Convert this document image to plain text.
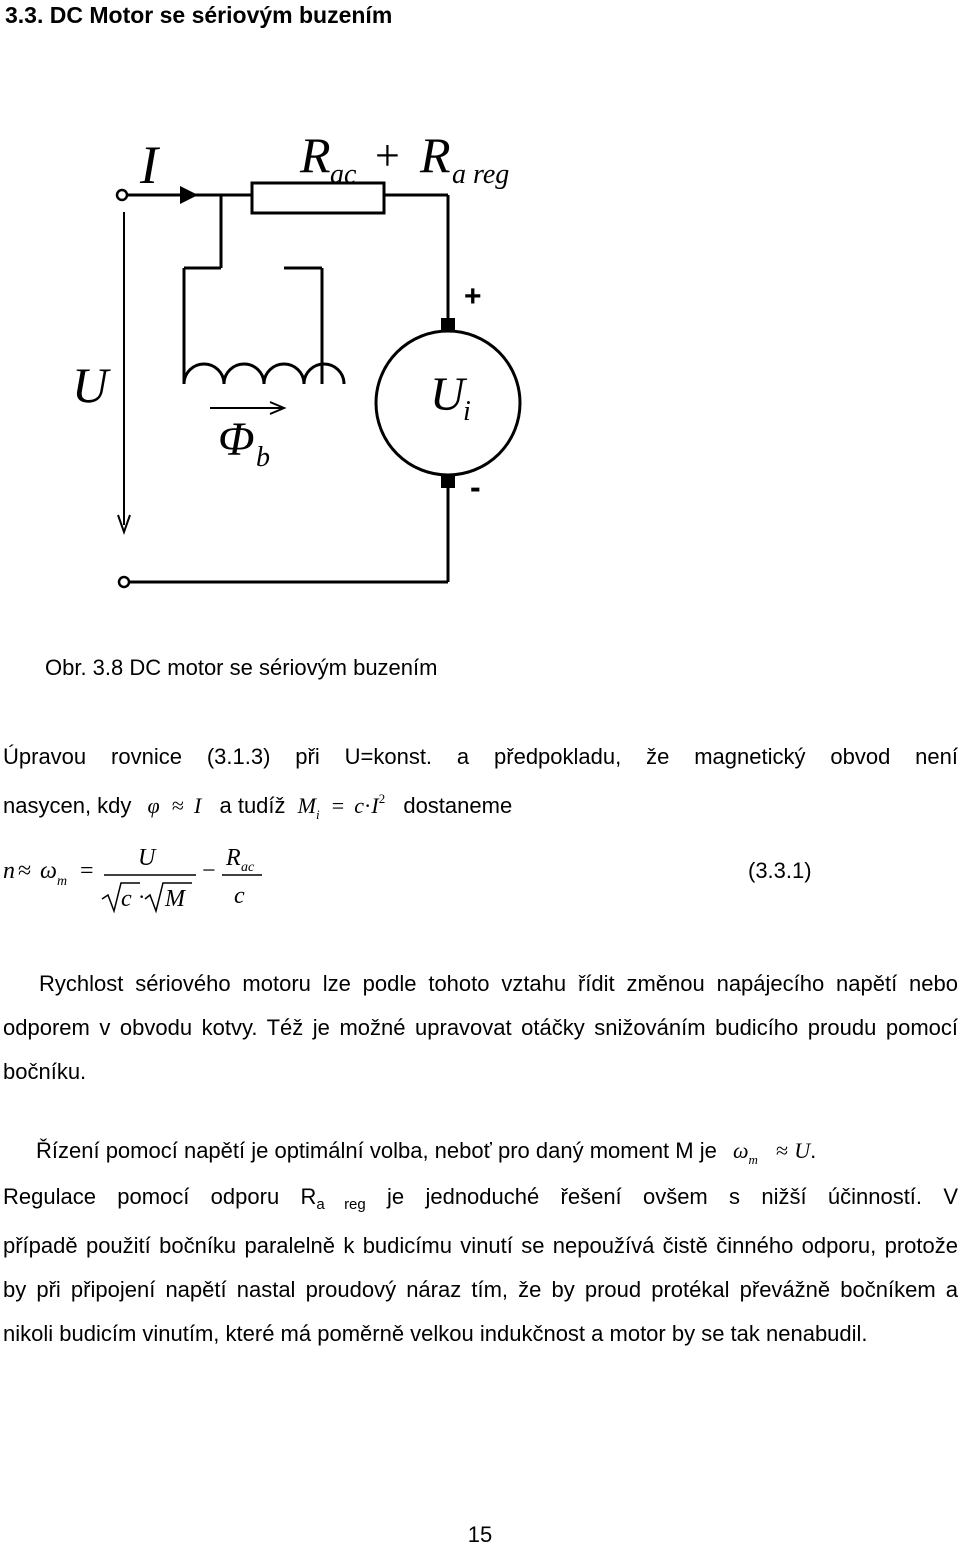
3.3. DC Motor se sériovým buzením
I	R ac + R a reg
U	U
i
Φ b
+
-
Obr. 3.8 DC motor se sériovým buzením
Úpravou rovnice (3.1.3) při U=konst. a předpokladu, že magnetický obvod není
nasycen, kdy φ ≈ I a tudíž $M_i = c\cdot I^2$ dostaneme
n ≈ ω m = U
c · M
− R ac
c
(3.3.1)
Rychlost sériového motoru lze podle tohoto vztahu řídit změnou napájecího napětí nebo odporem v obvodu kotvy. Též je možné upravovat otáčky snižováním budicího proudu pomocí bočníku.
Řízení pomocí napětí je optimální volba, neboť pro daný moment M je $\omega_m \approx U$.
Regulace pomocí odporu $R_{a reg}$ je jednoduché řešení ovšem s nižší účinností. V
případě použití bočníku paralelně k budicímu vinutí se nepoužívá čistě činného odporu, protože by při připojení napětí nastal proudový náraz tím, že by proud protékal převážně bočníkem a nikoli budicím vinutím, které má poměrně velkou indukčnost a motor by se tak nenabudil.
15
